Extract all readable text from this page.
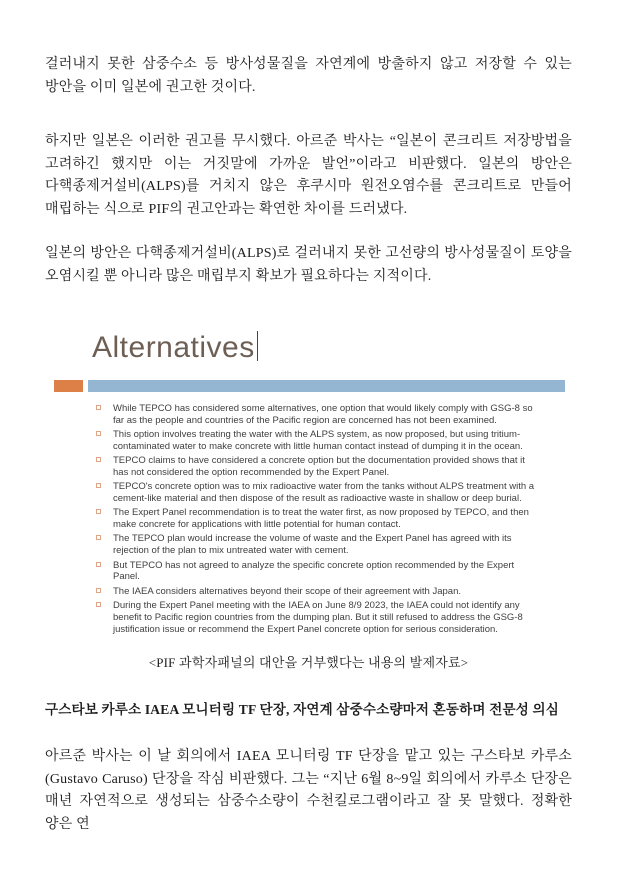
걸러내지 못한 삼중수소 등 방사성물질을 자연계에 방출하지 않고 저장할 수 있는 방안을 이미 일본에 권고한 것이다.

하지만 일본은 이러한 권고를 무시했다. 아르준 박사는 “일본이 콘크리트 저장방법을 고려하긴 했지만 이는 거짓말에 가까운 발언”이라고 비판했다. 일본의 방안은 다핵종제거설비(ALPS)를 거치지 않은 후쿠시마 원전오염수를 콘크리트로 만들어 매립하는 식으로 PIF의 권고안과는 확연한 차이를 드러냈다.

일본의 방안은 다핵종제거설비(ALPS)로 걸러내지 못한 고선량의 방사성물질이 토양을 오염시킬 뿐 아니라 많은 매립부지 확보가 필요하다는 지적이다.

Alternatives
While TEPCO has considered some alternatives, one option that would likely comply with GSG-8 so far as the people and countries of the Pacific region are concerned has not been examined.
This option involves treating the water with the ALPS system, as now proposed, but using tritium-contaminated water to make concrete with little human contact instead of dumping it in the ocean.
TEPCO claims to have considered a concrete option but the documentation provided shows that it has not considered the option recommended by the Expert Panel.
TEPCO's concrete option was to mix radioactive water from the tanks without ALPS treatment with a cement-like material and then dispose of the result as radioactive waste in shallow or deep burial.
The Expert Panel recommendation is to treat the water first, as now proposed by TEPCO, and then make concrete for applications with little potential for human contact.
The TEPCO plan would increase the volume of waste and the Expert Panel has agreed with its rejection of the plan to mix untreated water with cement.
But TEPCO has not agreed to analyze the specific concrete option recommended by the Expert Panel.
The IAEA considers alternatives beyond their scope of their agreement with Japan.
During the Expert Panel meeting with the IAEA on June 8/9 2023, the IAEA could not identify any benefit to Pacific region countries from the dumping plan. But it still refused to address the GSG-8 justification issue or recommend the Expert Panel concrete option for serious consideration.
<PIF 과학자패널의 대안을 거부했다는 내용의 발제자료>
구스타보 카루소 IAEA 모니터링 TF 단장, 자연계 삼중수소량마저 혼동하며 전문성 의심

아르준 박사는 이 날 회의에서 IAEA 모니터링 TF 단장을 맡고 있는 구스타보 카루소 (Gustavo Caruso) 단장을 작심 비판했다. 그는 “지난 6월 8~9일 회의에서 카루소 단장은 매년 자연적으로 생성되는 삼중수소량이 수천킬로그램이라고 잘 못 말했다. 정확한 양은 연
